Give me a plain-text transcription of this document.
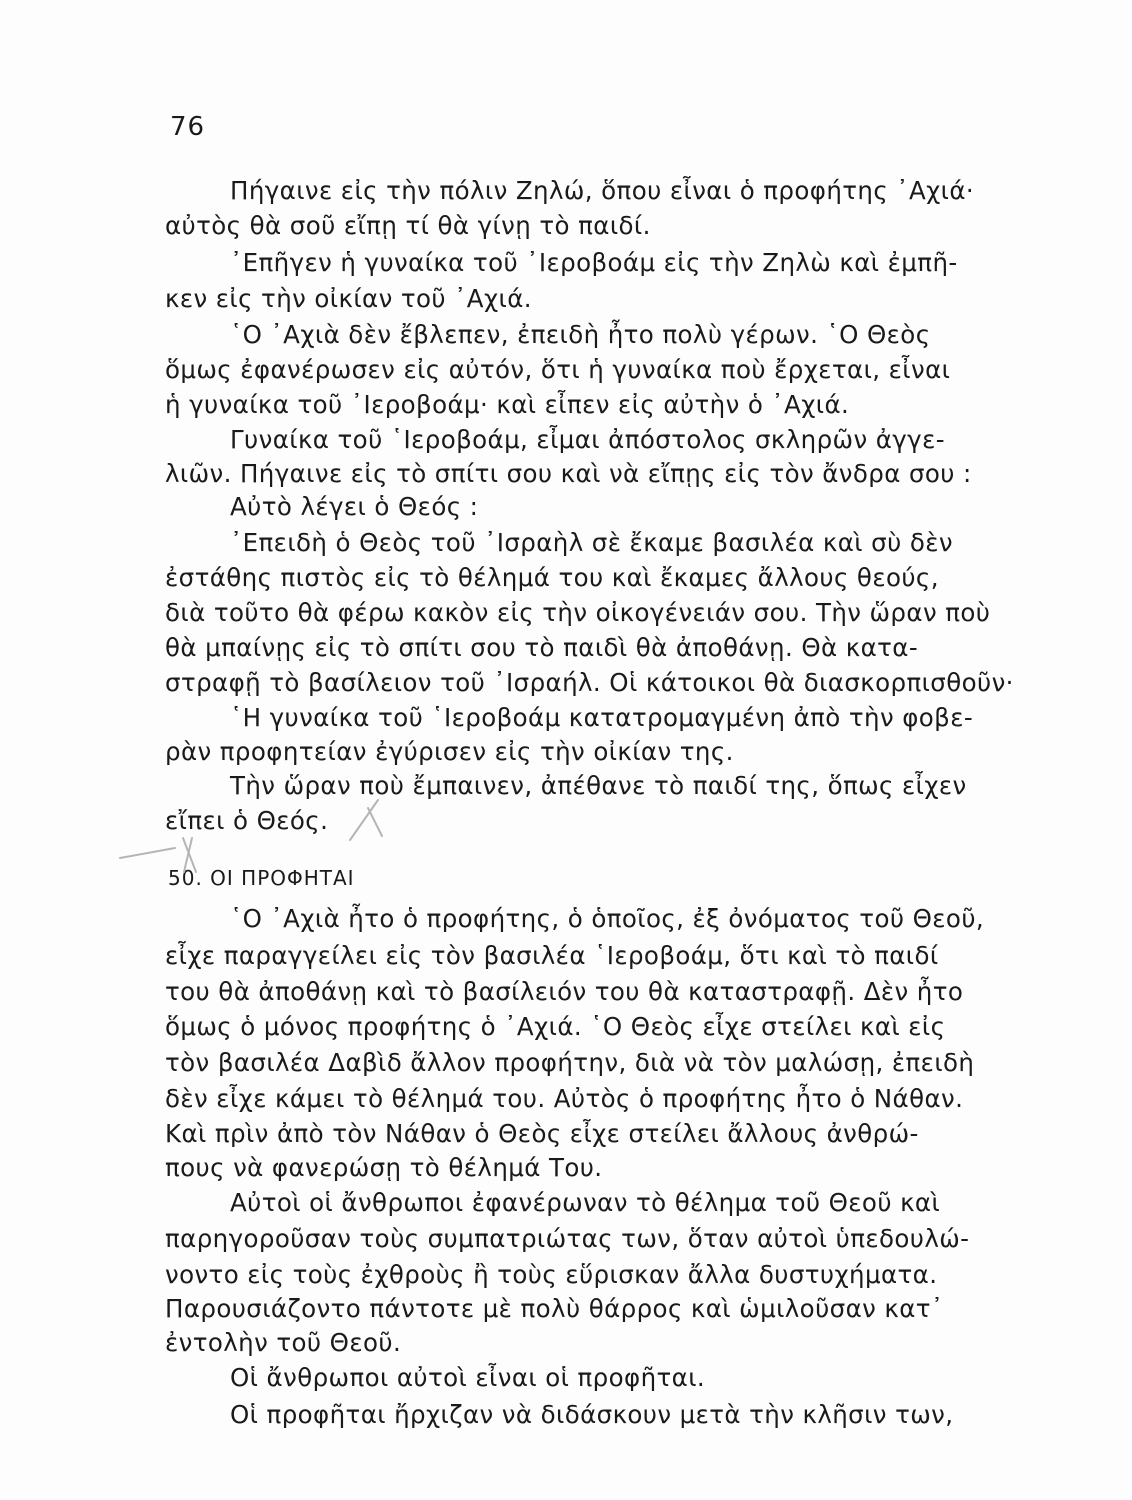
76
Πήγαινε εἰς τὴν πόλιν Ζηλώ, ὅπου εἶναι ὁ προφήτης ᾿Αχιά·
αὐτὸς θὰ σοῦ εἴπῃ τί θὰ γίνῃ τὸ παιδί.
᾿Επῆγεν ἡ γυναίκα τοῦ ᾿Ιεροβοάμ εἰς τὴν Ζηλὼ καὶ ἐμπῆ-
κεν εἰς τὴν οἰκίαν τοῦ ᾿Αχιά.
῾Ο ᾿Αχιὰ δὲν ἔβλεπεν, ἐπειδὴ ἦτο πολὺ γέρων. ῾Ο Θεὸς
ὅμως ἐφανέρωσεν εἰς αὐτόν, ὅτι ἡ γυναίκα ποὺ ἔρχεται, εἶναι
ἡ γυναίκα τοῦ ᾿Ιεροβοάμ· καὶ εἶπεν εἰς αὐτὴν ὁ ᾿Αχιά.
Γυναίκα τοῦ ῾Ιεροβοάμ, εἶμαι ἀπόστολος σκληρῶν ἀγγε-
λιῶν. Πήγαινε εἰς τὸ σπίτι σου καὶ νὰ εἴπῃς εἰς τὸν ἄνδρα σου :
Αὐτὸ λέγει ὁ Θεός :
᾿Επειδὴ ὁ Θεὸς τοῦ ᾿Ισραὴλ σὲ ἔκαμε βασιλέα καὶ σὺ δὲν
ἐστάθης πιστὸς εἰς τὸ θέλημά του καὶ ἔκαμες ἄλλους θεούς,
διὰ τοῦτο θὰ φέρω κακὸν εἰς τὴν οἰκογένειάν σου. Τὴν ὥραν ποὺ
θὰ μπαίνῃς εἰς τὸ σπίτι σου τὸ παιδὶ θὰ ἀποθάνῃ. Θὰ κατα-
στραφῇ τὸ βασίλειον τοῦ ᾿Ισραήλ. Οἱ κάτοικοι θὰ διασκορπισθοῦν·
῾Η γυναίκα τοῦ ῾Ιεροβοάμ κατατρομαγμένη ἀπὸ τὴν φοβε-
ρὰν προφητείαν ἐγύρισεν εἰς τὴν οἰκίαν της.
Τὴν ὥραν ποὺ ἔμπαινεν, ἀπέθανε τὸ παιδί της, ὅπως εἶχεν
εἴπει ὁ Θεός.
50. ΟΙ ΠΡΟΦΗΤΑΙ
῾Ο ᾿Αχιὰ ἦτο ὁ προφήτης, ὁ ὁποῖος, ἐξ ὀνόματος τοῦ Θεοῦ,
εἶχε παραγγείλει εἰς τὸν βασιλέα ῾Ιεροβοάμ, ὅτι καὶ τὸ παιδί
του θὰ ἀποθάνῃ καὶ τὸ βασίλειόν του θὰ καταστραφῇ. Δὲν ἦτο
ὅμως ὁ μόνος προφήτης ὁ ᾿Αχιά. ῾Ο Θεὸς εἶχε στείλει καὶ εἰς
τὸν βασιλέα Δαβὶδ ἄλλον προφήτην, διὰ νὰ τὸν μαλώσῃ, ἐπειδὴ
δὲν εἶχε κάμει τὸ θέλημά του. Αὐτὸς ὁ προφήτης ἦτο ὁ Νάθαν.
Καὶ πρὶν ἀπὸ τὸν Νάθαν ὁ Θεὸς εἶχε στείλει ἄλλους ἀνθρώ-
πους νὰ φανερώσῃ τὸ θέλημά Του.
Αὐτοὶ οἱ ἄνθρωποι ἐφανέρωναν τὸ θέλημα τοῦ Θεοῦ καὶ
παρηγοροῦσαν τοὺς συμπατριώτας των, ὅταν αὐτοὶ ὑπεδουλώ-
νοντο εἰς τοὺς ἐχθροὺς ἢ τοὺς εὕρισκαν ἄλλα δυστυχήματα.
Παρουσιάζοντο πάντοτε μὲ πολὺ θάρρος καὶ ὡμιλοῦσαν κατ᾿
ἐντολὴν τοῦ Θεοῦ.
Οἱ ἄνθρωποι αὐτοὶ εἶναι οἱ προφῆται.
Οἱ προφῆται ἤρχιζαν νὰ διδάσκουν μετὰ τὴν κλῆσιν των,
